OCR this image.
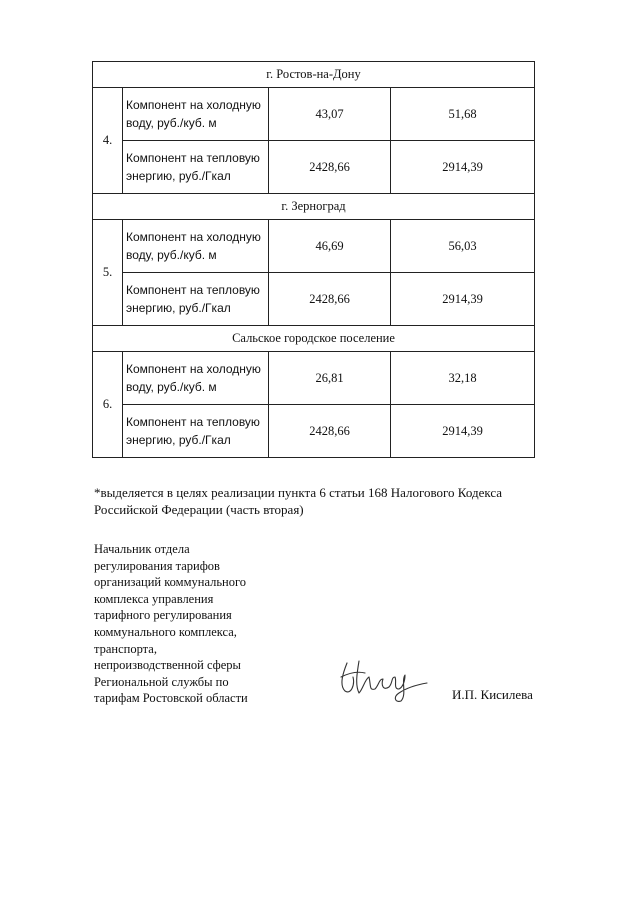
г. Ростов-на-Дону			
4.	Компонент на холодную воду, руб./куб. м	43,07	51,68
	Компонент на тепловую энергию, руб./Гкал	2428,66	2914,39
г. Зерноград			
5.	Компонент на холодную воду, руб./куб. м	46,69	56,03
	Компонент на тепловую энергию, руб./Гкал	2428,66	2914,39
Сальское городское поселение			
6.	Компонент на холодную воду, руб./куб. м	26,81	32,18
	Компонент на тепловую энергию, руб./Гкал	2428,66	2914,39
*выделяется в целях реализации пункта 6 статьи 168 Налогового Кодекса Российской Федерации (часть вторая)
Начальник отдела
регулирования тарифов
организаций коммунального
комплекса управления
тарифного регулирования
коммунального комплекса,
транспорта,
непроизводственной сферы
Региональной службы по
тарифам Ростовской области	И.П. Кисилева
